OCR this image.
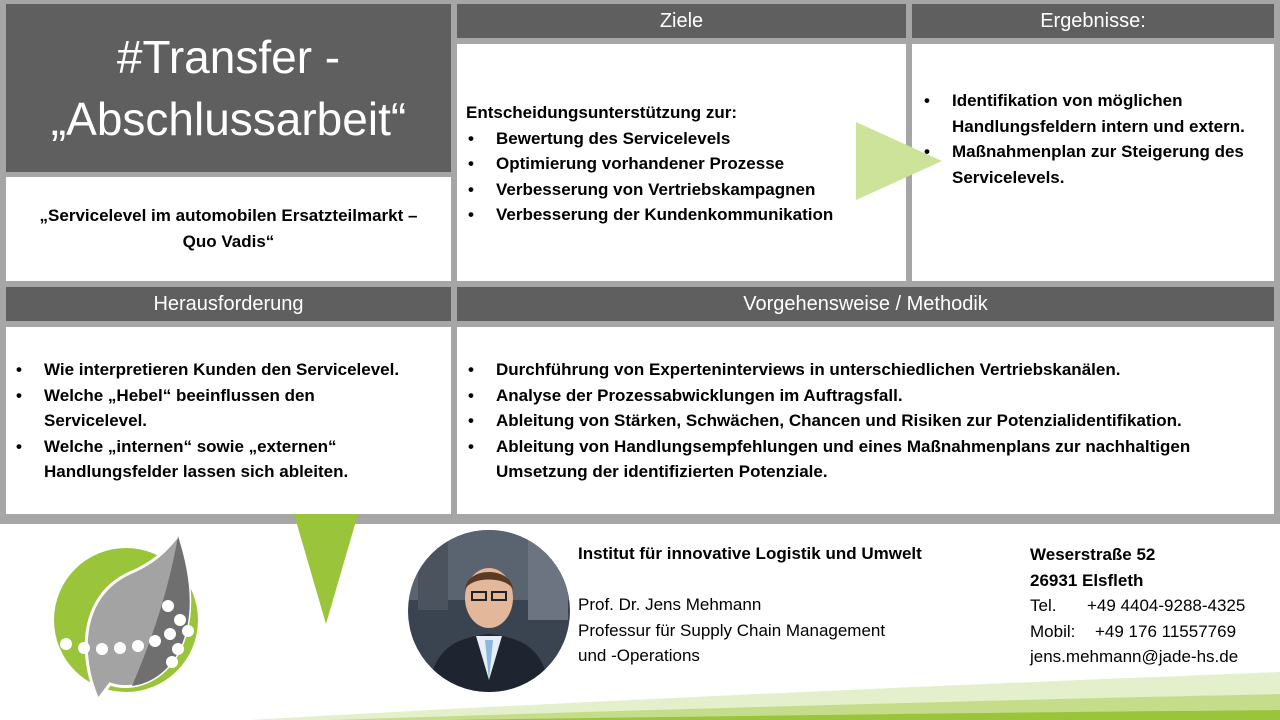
#Transfer -
„Abschlussarbeit“
„Servicelevel im automobilen Ersatzteilmarkt –
Quo Vadis“
Ziele
Entscheidungsunterstützung zur:
• Bewertung des Servicelevels
• Optimierung vorhandener Prozesse
• Verbesserung von Vertriebskampagnen
• Verbesserung der Kundenkommunikation
Ergebnisse:
• Identifikation von möglichen Handlungsfeldern intern und extern.
• Maßnahmenplan zur Steigerung des Servicelevels.
Herausforderung
• Wie interpretieren Kunden den Servicelevel.
• Welche „Hebel“ beeinflussen den Servicelevel.
• Welche „internen“ sowie „externen“ Handlungsfelder lassen sich ableiten.
Vorgehensweise / Methodik
• Durchführung von Experteninterviews in unterschiedlichen Vertriebskanälen.
• Analyse der Prozessabwicklungen im Auftragsfall.
• Ableitung von Stärken, Schwächen, Chancen und Risiken zur Potenzialidentifikation.
• Ableitung von Handlungsempfehlungen und eines Maßnahmenplans zur nachhaltigen Umsetzung der identifizierten Potenziale.
Institut für innovative Logistik und Umwelt
Prof. Dr. Jens Mehmann
Professur für Supply Chain Management
und -Operations
Weserstraße 52
26931 Elsfleth
Tel. +49 4404-9288-4325
Mobil: +49 176 11557769
jens.mehmann@jade-hs.de
